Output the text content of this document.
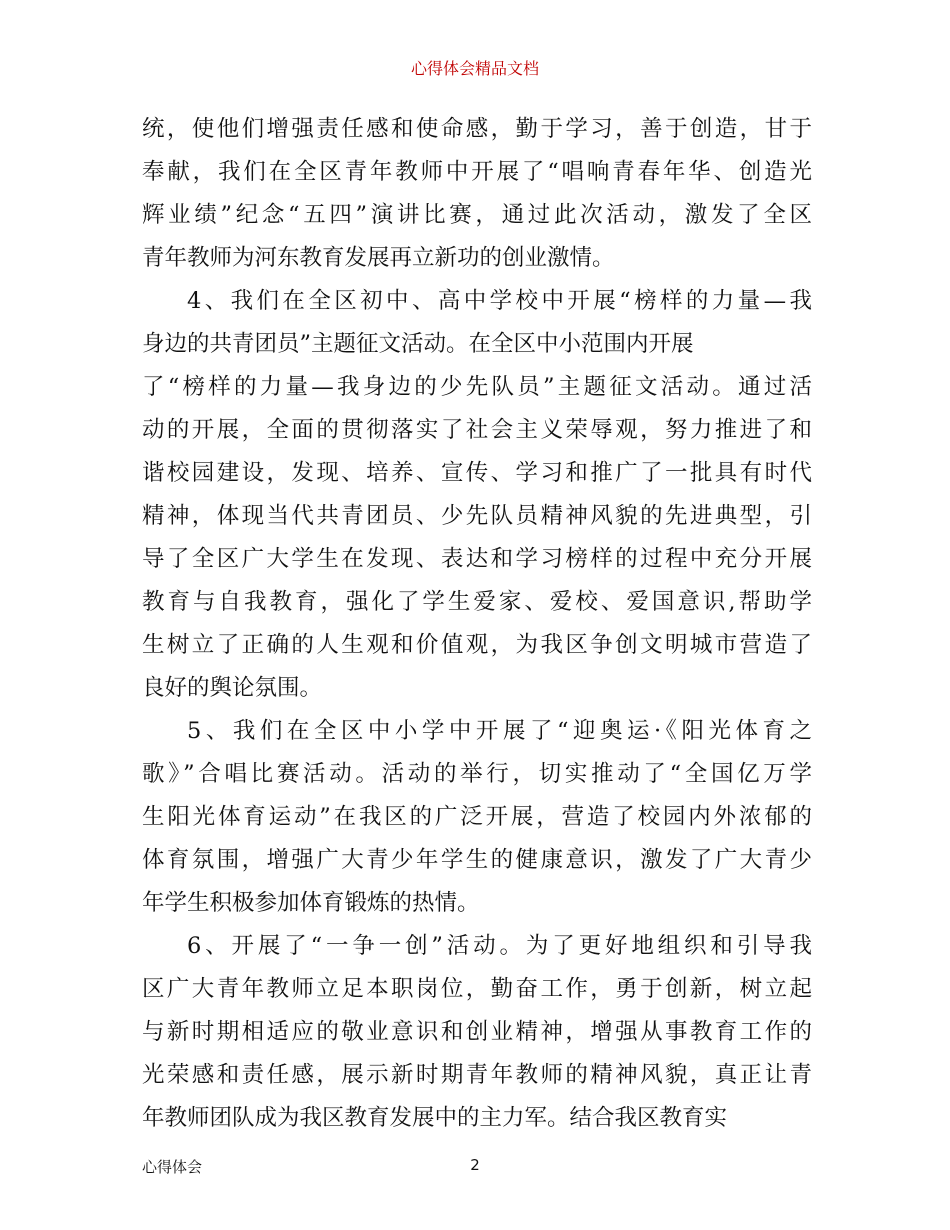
心得体会精品文档
统，使他们增强责任感和使命感，勤于学习，善于创造，甘于
奉献，我们在全区青年教师中开展了“唱响青春年华、创造光
辉业绩”纪念“五四”演讲比赛，通过此次活动，激发了全区
青年教师为河东教育发展再立新功的创业激情。
4、我们在全区初中、高中学校中开展“榜样的力量—我
身边的共青团员”主题征文活动。在全区中小范围内开展
了“榜样的力量—我身边的少先队员”主题征文活动。通过活
动的开展，全面的贯彻落实了社会主义荣辱观，努力推进了和
谐校园建设，发现、培养、宣传、学习和推广了一批具有时代
精神，体现当代共青团员、少先队员精神风貌的先进典型，引
导了全区广大学生在发现、表达和学习榜样的过程中充分开展
教育与自我教育，强化了学生爱家、爱校、爱国意识,帮助学
生树立了正确的人生观和价值观，为我区争创文明城市营造了
良好的舆论氛围。
5、我们在全区中小学中开展了“迎奥运·《阳光体育之
歌》”合唱比赛活动。活动的举行，切实推动了“全国亿万学
生阳光体育运动”在我区的广泛开展，营造了校园内外浓郁的
体育氛围，增强广大青少年学生的健康意识，激发了广大青少
年学生积极参加体育锻炼的热情。
6、开展了“一争一创”活动。为了更好地组织和引导我
区广大青年教师立足本职岗位，勤奋工作，勇于创新，树立起
与新时期相适应的敬业意识和创业精神，增强从事教育工作的
光荣感和责任感，展示新时期青年教师的精神风貌，真正让青
年教师团队成为我区教育发展中的主力军。结合我区教育实
心得体会	2
